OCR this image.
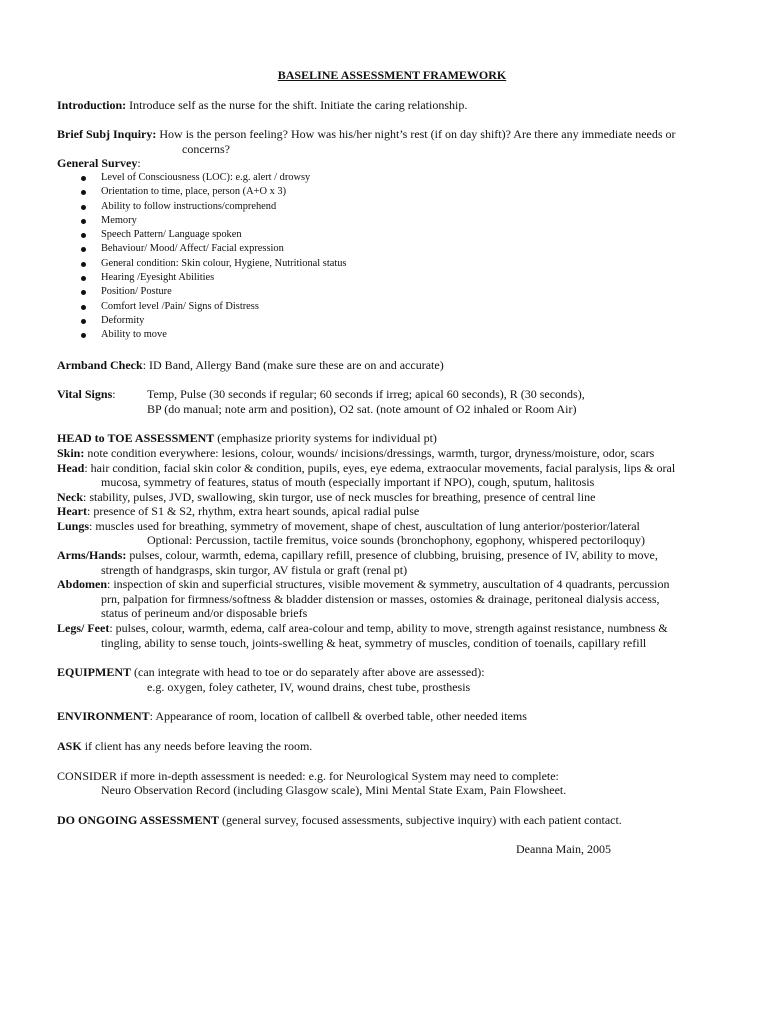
BASELINE ASSESSMENT FRAMEWORK

Introduction: Introduce self as the nurse for the shift. Initiate the caring relationship.

Brief Subj Inquiry: How is the person feeling? How was his/her night’s rest (if on day shift)? Are there any immediate needs or

concerns?

General Survey:

Level of Consciousness (LOC): e.g. alert / drowsy
Orientation to time, place, person (A+O x 3)
Ability to follow instructions/comprehend
Memory
Speech Pattern/ Language spoken
Behaviour/ Mood/ Affect/ Facial expression
General condition: Skin colour, Hygiene, Nutritional status
Hearing /Eyesight Abilities
Position/ Posture
Comfort level /Pain/ Signs of Distress
Deformity
Ability to move

Armband Check: ID Band, Allergy Band (make sure these are on and accurate)

Vital Signs:	Temp, Pulse (30 seconds if regular; 60 seconds if irreg; apical 60 seconds), R (30 seconds),
BP (do manual; note arm and position), O2 sat. (note amount of O2 inhaled or Room Air)

HEAD to TOE ASSESSMENT (emphasize priority systems for individual pt)

Skin: note condition everywhere: lesions, colour, wounds/ incisions/dressings, warmth, turgor, dryness/moisture, odor, scars

Head: hair condition, facial skin color & condition, pupils, eyes, eye edema, extraocular movements, facial paralysis, lips & oral

mucosa, symmetry of features, status of mouth (especially important if NPO), cough, sputum, halitosis

Neck: stability, pulses, JVD, swallowing, skin turgor, use of neck muscles for breathing, presence of central line

Heart: presence of S1 & S2, rhythm, extra heart sounds, apical radial pulse

Lungs: muscles used for breathing, symmetry of movement, shape of chest, auscultation of lung anterior/posterior/lateral

Optional: Percussion, tactile fremitus, voice sounds (bronchophony, egophony, whispered pectoriloquy)

Arms/Hands: pulses, colour, warmth, edema, capillary refill, presence of clubbing, bruising, presence of IV, ability to move,

strength of handgrasps, skin turgor, AV fistula or graft (renal pt)

Abdomen: inspection of skin and superficial structures, visible movement & symmetry, auscultation of 4 quadrants, percussion

prn, palpation for firmness/softness & bladder distension or masses, ostomies & drainage, peritoneal dialysis access,

status of perineum and/or disposable briefs

Legs/ Feet: pulses, colour, warmth, edema, calf area-colour and temp, ability to move, strength against resistance, numbness &

tingling, ability to sense touch, joints-swelling & heat, symmetry of muscles, condition of toenails, capillary refill

EQUIPMENT (can integrate with head to toe or do separately after above are assessed):

e.g. oxygen, foley catheter, IV, wound drains, chest tube, prosthesis

ENVIRONMENT: Appearance of room, location of callbell & overbed table, other needed items

ASK if client has any needs before leaving the room.

CONSIDER if more in-depth assessment is needed: e.g. for Neurological System may need to complete:

Neuro Observation Record (including Glasgow scale), Mini Mental State Exam, Pain Flowsheet.

DO ONGOING ASSESSMENT (general survey, focused assessments, subjective inquiry) with each patient contact.

Deanna Main, 2005
